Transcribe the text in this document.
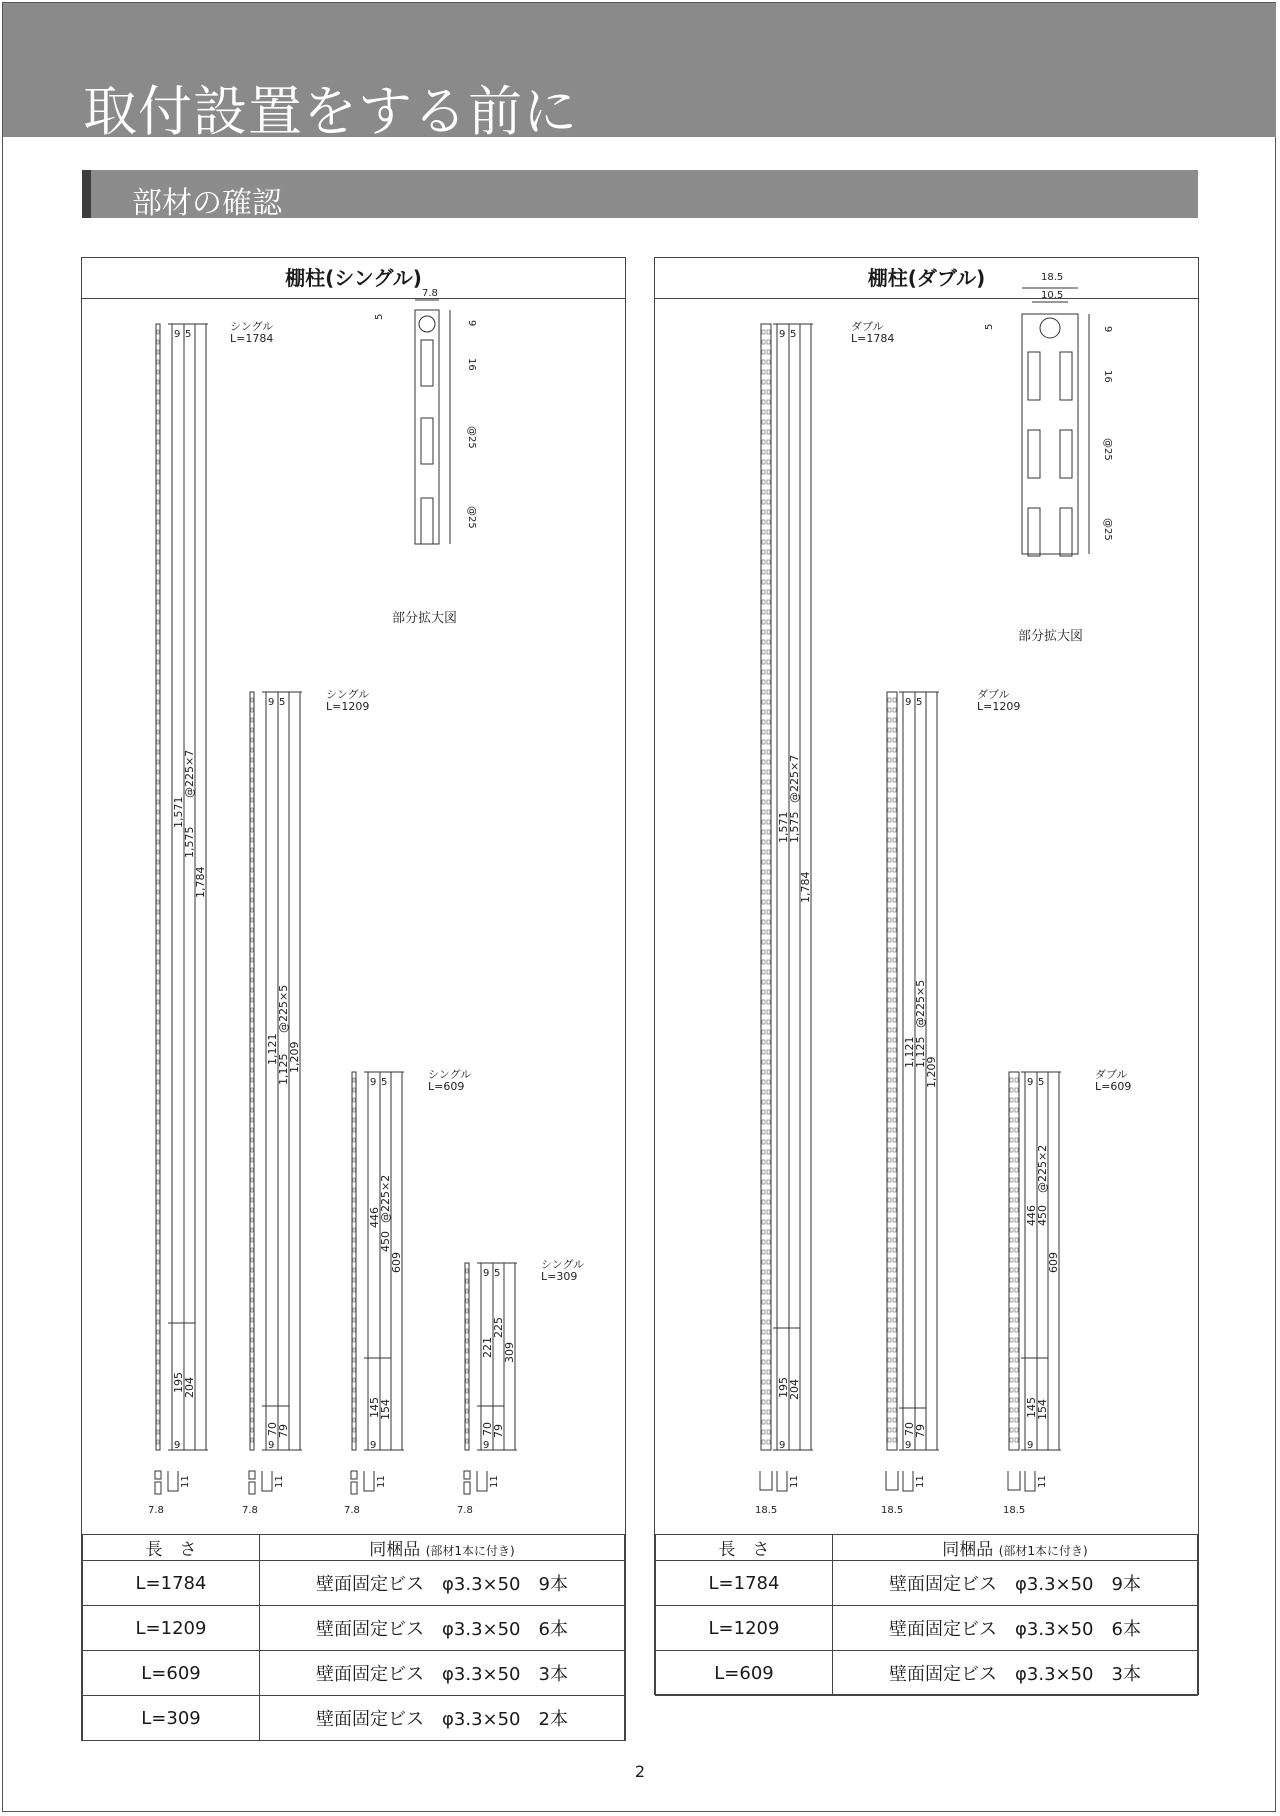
取付設置をする前に
部材の確認
棚柱(シングル)
9 5
1,571
1,575
@225×7
1,784
195
204
9
シングル
L=1784
9 5
1,121
1,125
@225×5
1,209
70
79
9
シングル
L=1209
9 5
446
450
@225×2
609
145
154
9
シングル
L=609
9 5
221
225
309
70
79
9
シングル
L=309
11
7.8
11
7.8
11
7.8
11
7.8
7.8
5
9
16
@25
@25
部分拡大図
長　さ	同梱品 (部材1本に付き)
L=1784	壁面固定ビス　φ3.3×50　9本
L=1209	壁面固定ビス　φ3.3×50　6本
L=609	壁面固定ビス　φ3.3×50　3本
L=309	壁面固定ビス　φ3.3×50　2本
棚柱(ダブル)
9 5
1,571
1,575
@225×7
1,784
195
204
9
ダブル
L=1784
9 5
1,121
1,125
@225×5
1,209
70
79
9
ダブル
L=1209
9 5
446
450
@225×2
609
145
154
9
ダブル
L=609
11
18.5
11
18.5
11
18.5
18.5
10.5
5	9
16
@25
@25
部分拡大図
長　さ	同梱品 (部材1本に付き)
L=1784	壁面固定ビス　φ3.3×50　9本
L=1209	壁面固定ビス　φ3.3×50　6本
L=609	壁面固定ビス　φ3.3×50　3本
2
